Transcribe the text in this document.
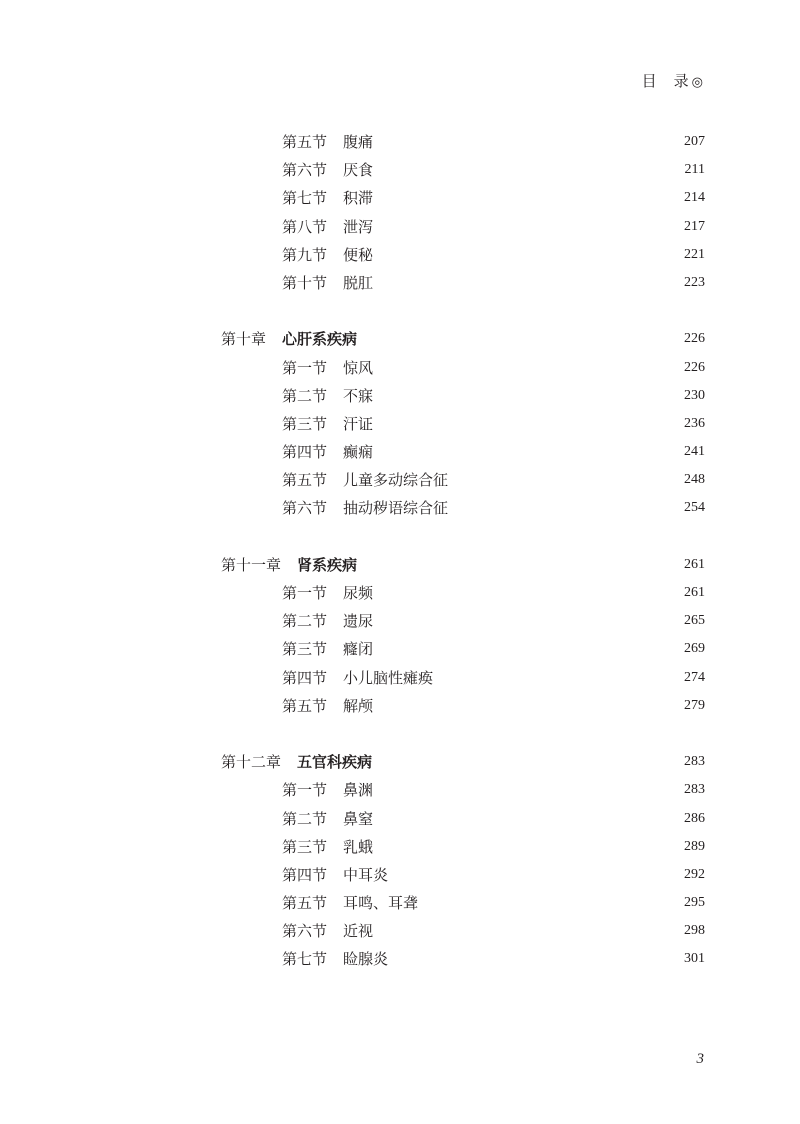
目　录 ◎
第五节 腹痛	207
第六节 厌食	211
第七节 积滞	214
第八节 泄泻	217
第九节 便秘	221
第十节 脱肛	223
第十章 心肝系疾病	226
第一节 惊风	226
第二节 不寐	230
第三节 汗证	236
第四节 癫痫	241
第五节 儿童多动综合征	248
第六节 抽动秽语综合征	254
第十一章 肾系疾病	261
第一节 尿频	261
第二节 遗尿	265
第三节 癃闭	269
第四节 小儿脑性瘫痪	274
第五节 解颅	279
第十二章 五官科疾病	283
第一节 鼻渊	283
第二节 鼻窒	286
第三节 乳蛾	289
第四节 中耳炎	292
第五节 耳鸣、耳聋	295
第六节 近视	298
第七节 睑腺炎	301
3
